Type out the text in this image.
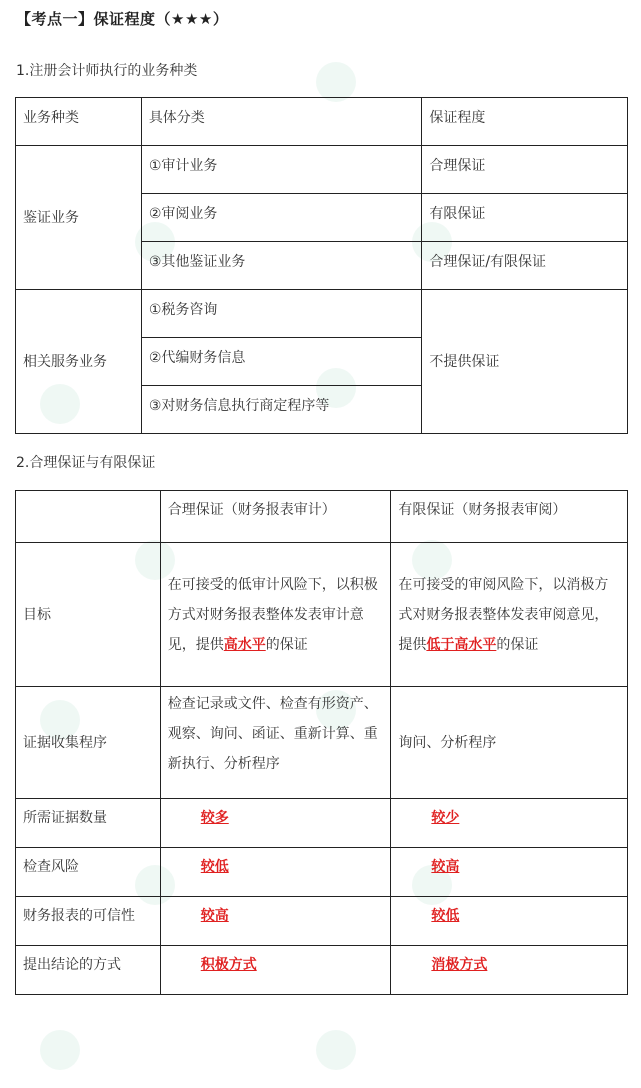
【考点一】保证程度（★★★）
1.注册会计师执行的业务种类
业务种类	具体分类	保证程度
鉴证业务	①审计业务	合理保证
	②审阅业务	有限保证
	③其他鉴证业务	合理保证/有限保证
相关服务业务	①税务咨询	不提供保证
	②代编财务信息	
	③对财务信息执行商定程序等	
2.合理保证与有限保证
	合理保证（财务报表审计）	有限保证（财务报表审阅）
目标	在可接受的低审计风险下，以积极方式对财务报表整体发表审计意见，提供高水平的保证	在可接受的审阅风险下，以消极方式对财务报表整体发表审阅意见，提供低于高水平的保证
证据收集程序	检查记录或文件、检查有形资产、观察、询问、函证、重新计算、重新执行、分析程序	询问、分析程序
所需证据数量	较多	较少
检查风险	较低	较高
财务报表的可信性	较高	较低
提出结论的方式	积极方式	消极方式
